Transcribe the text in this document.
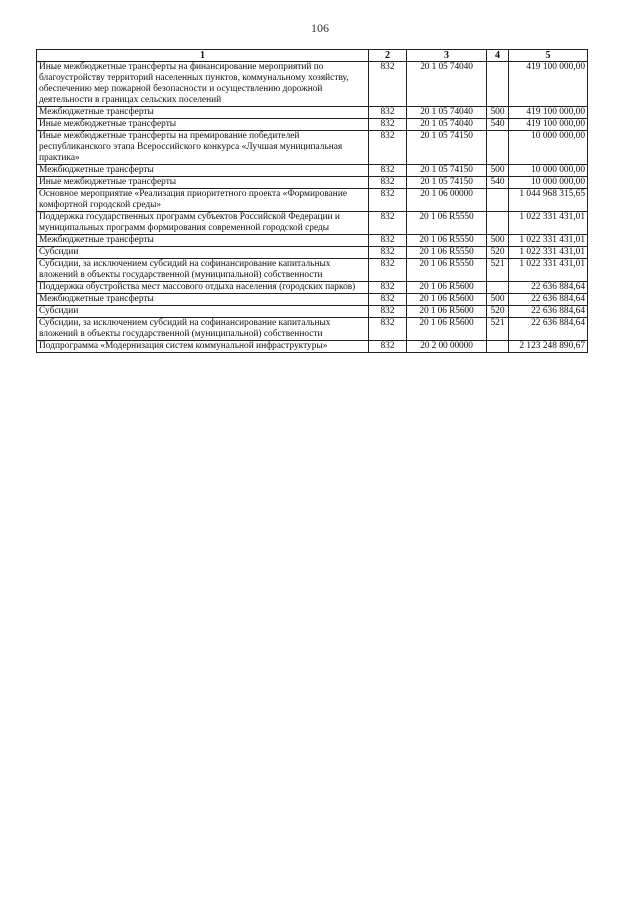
106
1	2	3	4	5
Иные межбюджетные трансферты на финансирование мероприятий по благоустройству территорий населенных пунктов, коммунальному хозяйству, обеспечению мер пожарной безопасности и осуществлению дорожной деятельности в границах сельских поселений	832	20 1 05 74040		419 100 000,00
Межбюджетные трансферты	832	20 1 05 74040	500	419 100 000,00
Иные межбюджетные трансферты	832	20 1 05 74040	540	419 100 000,00
Иные межбюджетные трансферты на премирование победителей республиканского этапа Всероссийского конкурса «Лучшая муниципальная практика»	832	20 1 05 74150		10 000 000,00
Межбюджетные трансферты	832	20 1 05 74150	500	10 000 000,00
Иные межбюджетные трансферты	832	20 1 05 74150	540	10 000 000,00
Основное мероприятие «Реализация приоритетного проекта «Формирование комфортной городской среды»	832	20 1 06 00000		1 044 968 315,65
Поддержка государственных программ субъектов Российской Федерации и муниципальных программ формирования современной городской среды	832	20 1 06 R5550		1 022 331 431,01
Межбюджетные трансферты	832	20 1 06 R5550	500	1 022 331 431,01
Субсидии	832	20 1 06 R5550	520	1 022 331 431,01
Субсидии, за исключением субсидий на софинансирование капитальных вложений в объекты государственной (муниципальной) собственности	832	20 1 06 R5550	521	1 022 331 431,01
Поддержка обустройства мест массового отдыха населения (городских парков)	832	20 1 06 R5600		22 636 884,64
Межбюджетные трансферты	832	20 1 06 R5600	500	22 636 884,64
Субсидии	832	20 1 06 R5600	520	22 636 884,64
Субсидии, за исключением субсидий на софинансирование капитальных вложений в объекты государственной (муниципальной) собственности	832	20 1 06 R5600	521	22 636 884,64
Подпрограмма «Модернизация систем коммунальной инфраструктуры»	832	20 2 00 00000		2 123 248 890,67
